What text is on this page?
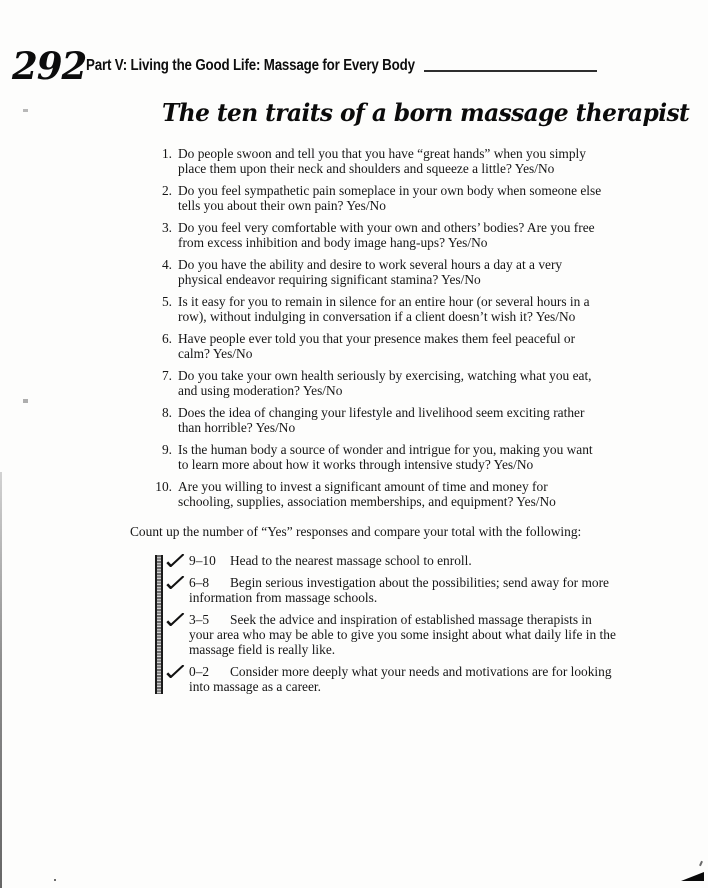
292 Part V: Living the Good Life: Massage for Every Body
The ten traits of a born massage therapist
1. Do people swoon and tell you that you have “great hands” when you simply place them upon their neck and shoulders and squeeze a little? Yes/No
2. Do you feel sympathetic pain someplace in your own body when someone else tells you about their own pain? Yes/No
3. Do you feel very comfortable with your own and others’ bodies? Are you free from excess inhibition and body image hang-ups? Yes/No
4. Do you have the ability and desire to work several hours a day at a very physical endeavor requiring significant stamina? Yes/No
5. Is it easy for you to remain in silence for an entire hour (or several hours in a row), without indulging in conversation if a client doesn’t wish it? Yes/No
6. Have people ever told you that your presence makes them feel peaceful or calm? Yes/No
7. Do you take your own health seriously by exercising, watching what you eat, and using moderation? Yes/No
8. Does the idea of changing your lifestyle and livelihood seem exciting rather than horrible? Yes/No
9. Is the human body a source of wonder and intrigue for you, making you want to learn more about how it works through intensive study? Yes/No
10. Are you willing to invest a significant amount of time and money for schooling, supplies, association memberships, and equipment? Yes/No
Count up the number of “Yes” responses and compare your total with the following:
9–10 Head to the nearest massage school to enroll.
6–8 Begin serious investigation about the possibilities; send away for more information from massage schools.
3–5 Seek the advice and inspiration of established massage therapists in your area who may be able to give you some insight about what daily life in the massage field is really like.
0–2 Consider more deeply what your needs and motivations are for looking into massage as a career.
